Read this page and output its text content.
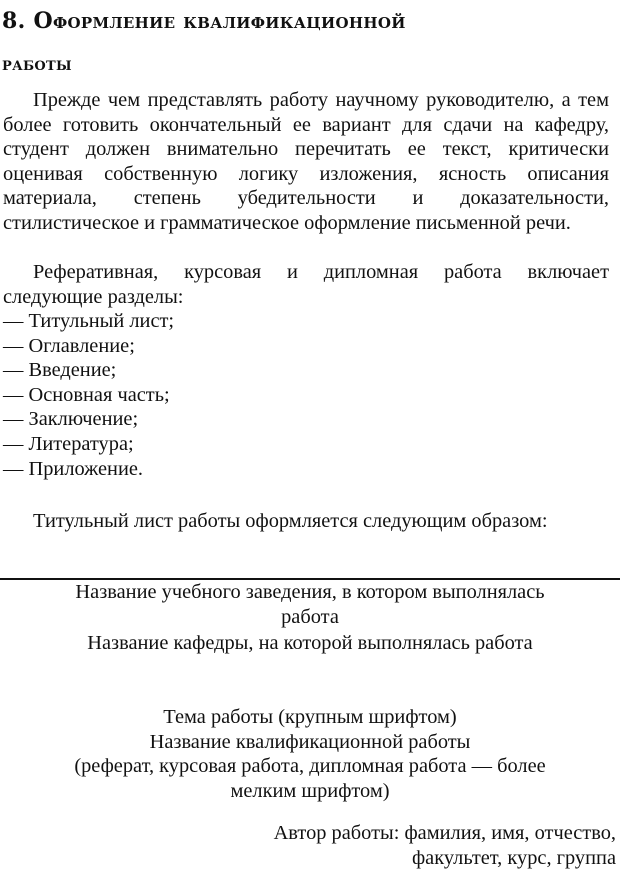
8. Оформление квалификационной
работы

Прежде чем представлять работу научному руководителю, а тем более готовить окончательный ее вариант для сдачи на кафедру, студент должен внимательно перечитать ее текст, критически оценивая собственную логику изложения, ясность описания материала, степень убедительности и доказательности, стилистическое и грамматическое оформление письменной речи.

Реферативная, курсовая и дипломная работа включает следующие разделы:

— Титульный лист;
— Оглавление;
— Введение;
— Основная часть;
— Заключение;
— Литература;
— Приложение.

Титульный лист работы оформляется следующим образом:

Название учебного заведения, в котором выполнялась
работа

Название кафедры, на которой выполнялась работа

Тема работы (крупным шрифтом)
Название квалификационной работы
(реферат, курсовая работа, дипломная работа — более
мелким шрифтом)

Автор работы: фамилия, имя, отчество,
факультет, курс, группа
